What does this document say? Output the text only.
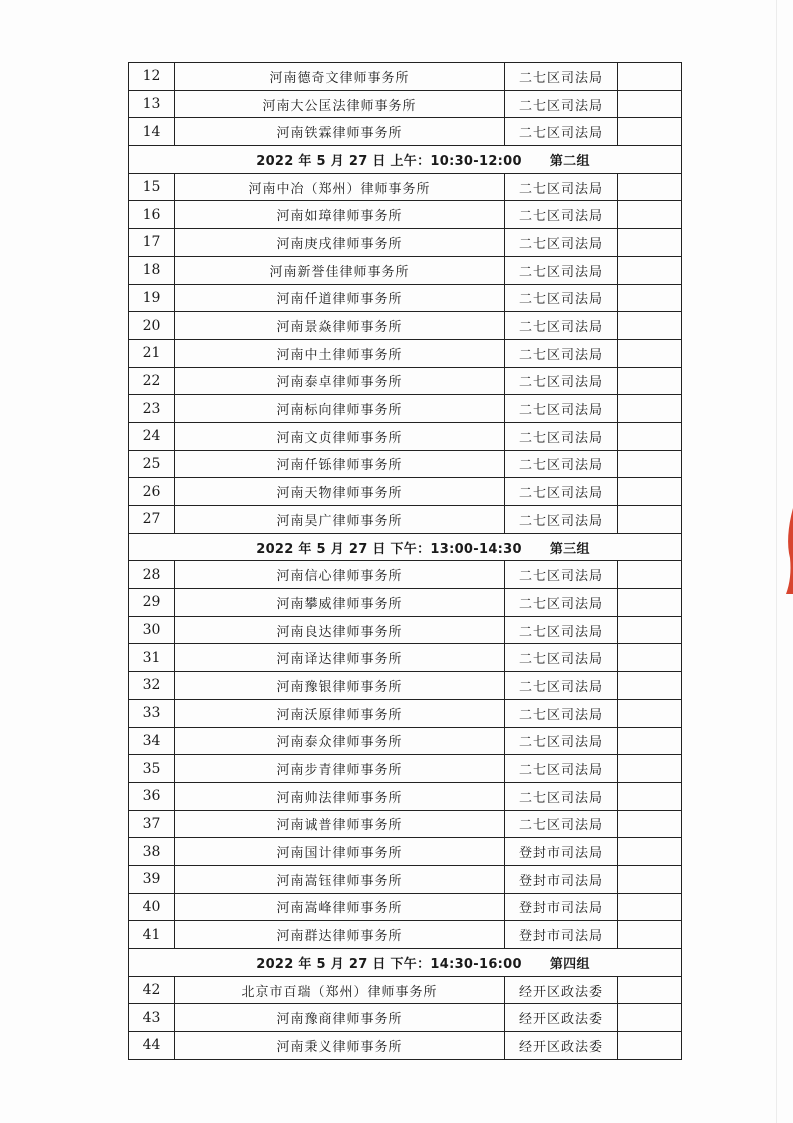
12	河南德奇文律师事务所	二七区司法局	
13	河南大公匡法律师事务所	二七区司法局	
14	河南铁霖律师事务所	二七区司法局	
2022 年 5 月 27 日 上午：10:30-12:00 第二组			
15	河南中冶（郑州）律师事务所	二七区司法局	
16	河南如璋律师事务所	二七区司法局	
17	河南庚戌律师事务所	二七区司法局	
18	河南新誉佳律师事务所	二七区司法局	
19	河南仟道律师事务所	二七区司法局	
20	河南景焱律师事务所	二七区司法局	
21	河南中土律师事务所	二七区司法局	
22	河南泰卓律师事务所	二七区司法局	
23	河南标向律师事务所	二七区司法局	
24	河南文贞律师事务所	二七区司法局	
25	河南仟铄律师事务所	二七区司法局	
26	河南天物律师事务所	二七区司法局	
27	河南昊广律师事务所	二七区司法局	
2022 年 5 月 27 日 下午：13:00-14:30 第三组			
28	河南信心律师事务所	二七区司法局	
29	河南攀威律师事务所	二七区司法局	
30	河南良达律师事务所	二七区司法局	
31	河南译达律师事务所	二七区司法局	
32	河南豫银律师事务所	二七区司法局	
33	河南沃原律师事务所	二七区司法局	
34	河南泰众律师事务所	二七区司法局	
35	河南步青律师事务所	二七区司法局	
36	河南帅法律师事务所	二七区司法局	
37	河南诚普律师事务所	二七区司法局	
38	河南国计律师事务所	登封市司法局	
39	河南嵩钰律师事务所	登封市司法局	
40	河南嵩峰律师事务所	登封市司法局	
41	河南群达律师事务所	登封市司法局	
2022 年 5 月 27 日 下午：14:30-16:00 第四组			
42	北京市百瑞（郑州）律师事务所	经开区政法委	
43	河南豫商律师事务所	经开区政法委	
44	河南秉义律师事务所	经开区政法委	
